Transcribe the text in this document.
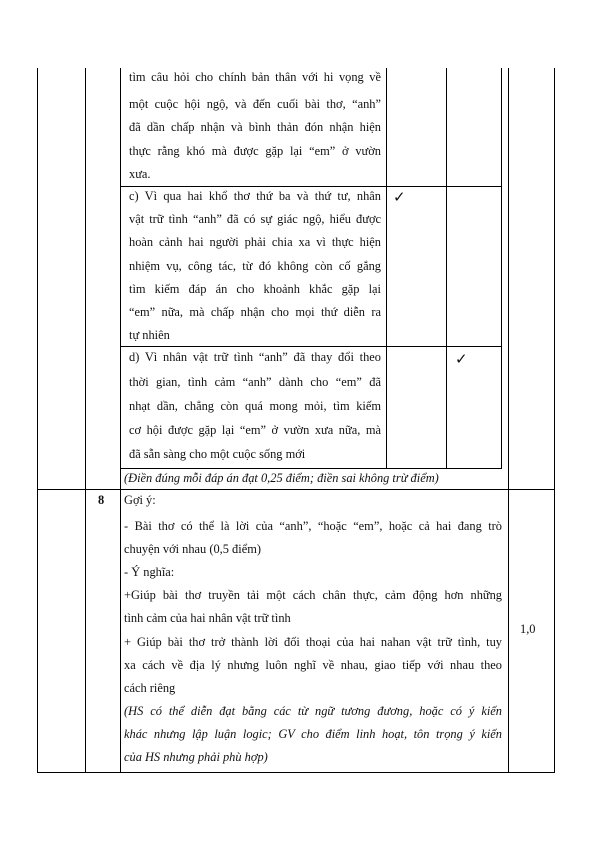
tìm câu hỏi cho chính bản thân với hi vọng về
một cuộc hội ngộ, và đến cuối bài thơ, “anh”
đã dần chấp nhận và bình thản đón nhận hiện
thực rằng khó mà được gặp lại “em” ở vườn
xưa.
c) Vì qua hai khổ thơ thứ ba và thứ tư, nhân
vật trữ tình “anh” đã có sự giác ngộ, hiểu được
hoàn cảnh hai người phải chia xa vì thực hiện
nhiệm vụ, công tác, từ đó không còn cố gắng
tìm kiếm đáp án cho khoảnh khắc gặp lại
“em” nữa, mà chấp nhận cho mọi thứ diễn ra
tự nhiên
✓
d) Vì nhân vật trữ tình “anh” đã thay đổi theo
thời gian, tình cảm “anh” dành cho “em” đã
nhạt dần, chẳng còn quá mong mỏi, tìm kiếm
cơ hội được gặp lại “em” ở vườn xưa nữa, mà
đã sẵn sàng cho một cuộc sống mới
✓
(Điền đúng mỗi đáp án đạt 0,25 điểm; điền sai không trừ điểm)
8 Gợi ý:
- Bài thơ có thể là lời của “anh”, “hoặc “em”, hoặc cả hai đang trò
chuyện với nhau (0,5 điểm)
- Ý nghĩa:
+Giúp bài thơ truyền tải một cách chân thực, cảm động hơn những
tình cảm của hai nhân vật trữ tình
+ Giúp bài thơ trở thành lời đối thoại của hai nahan vật trữ tình, tuy
xa cách về địa lý nhưng luôn nghĩ về nhau, giao tiếp với nhau theo
cách riêng
(HS có thể diễn đạt bằng các từ ngữ tương đương, hoặc có ý kiến
khác nhưng lập luận logic; GV cho điểm linh hoạt, tôn trọng ý kiến
của HS nhưng phải phù hợp)
1,0
